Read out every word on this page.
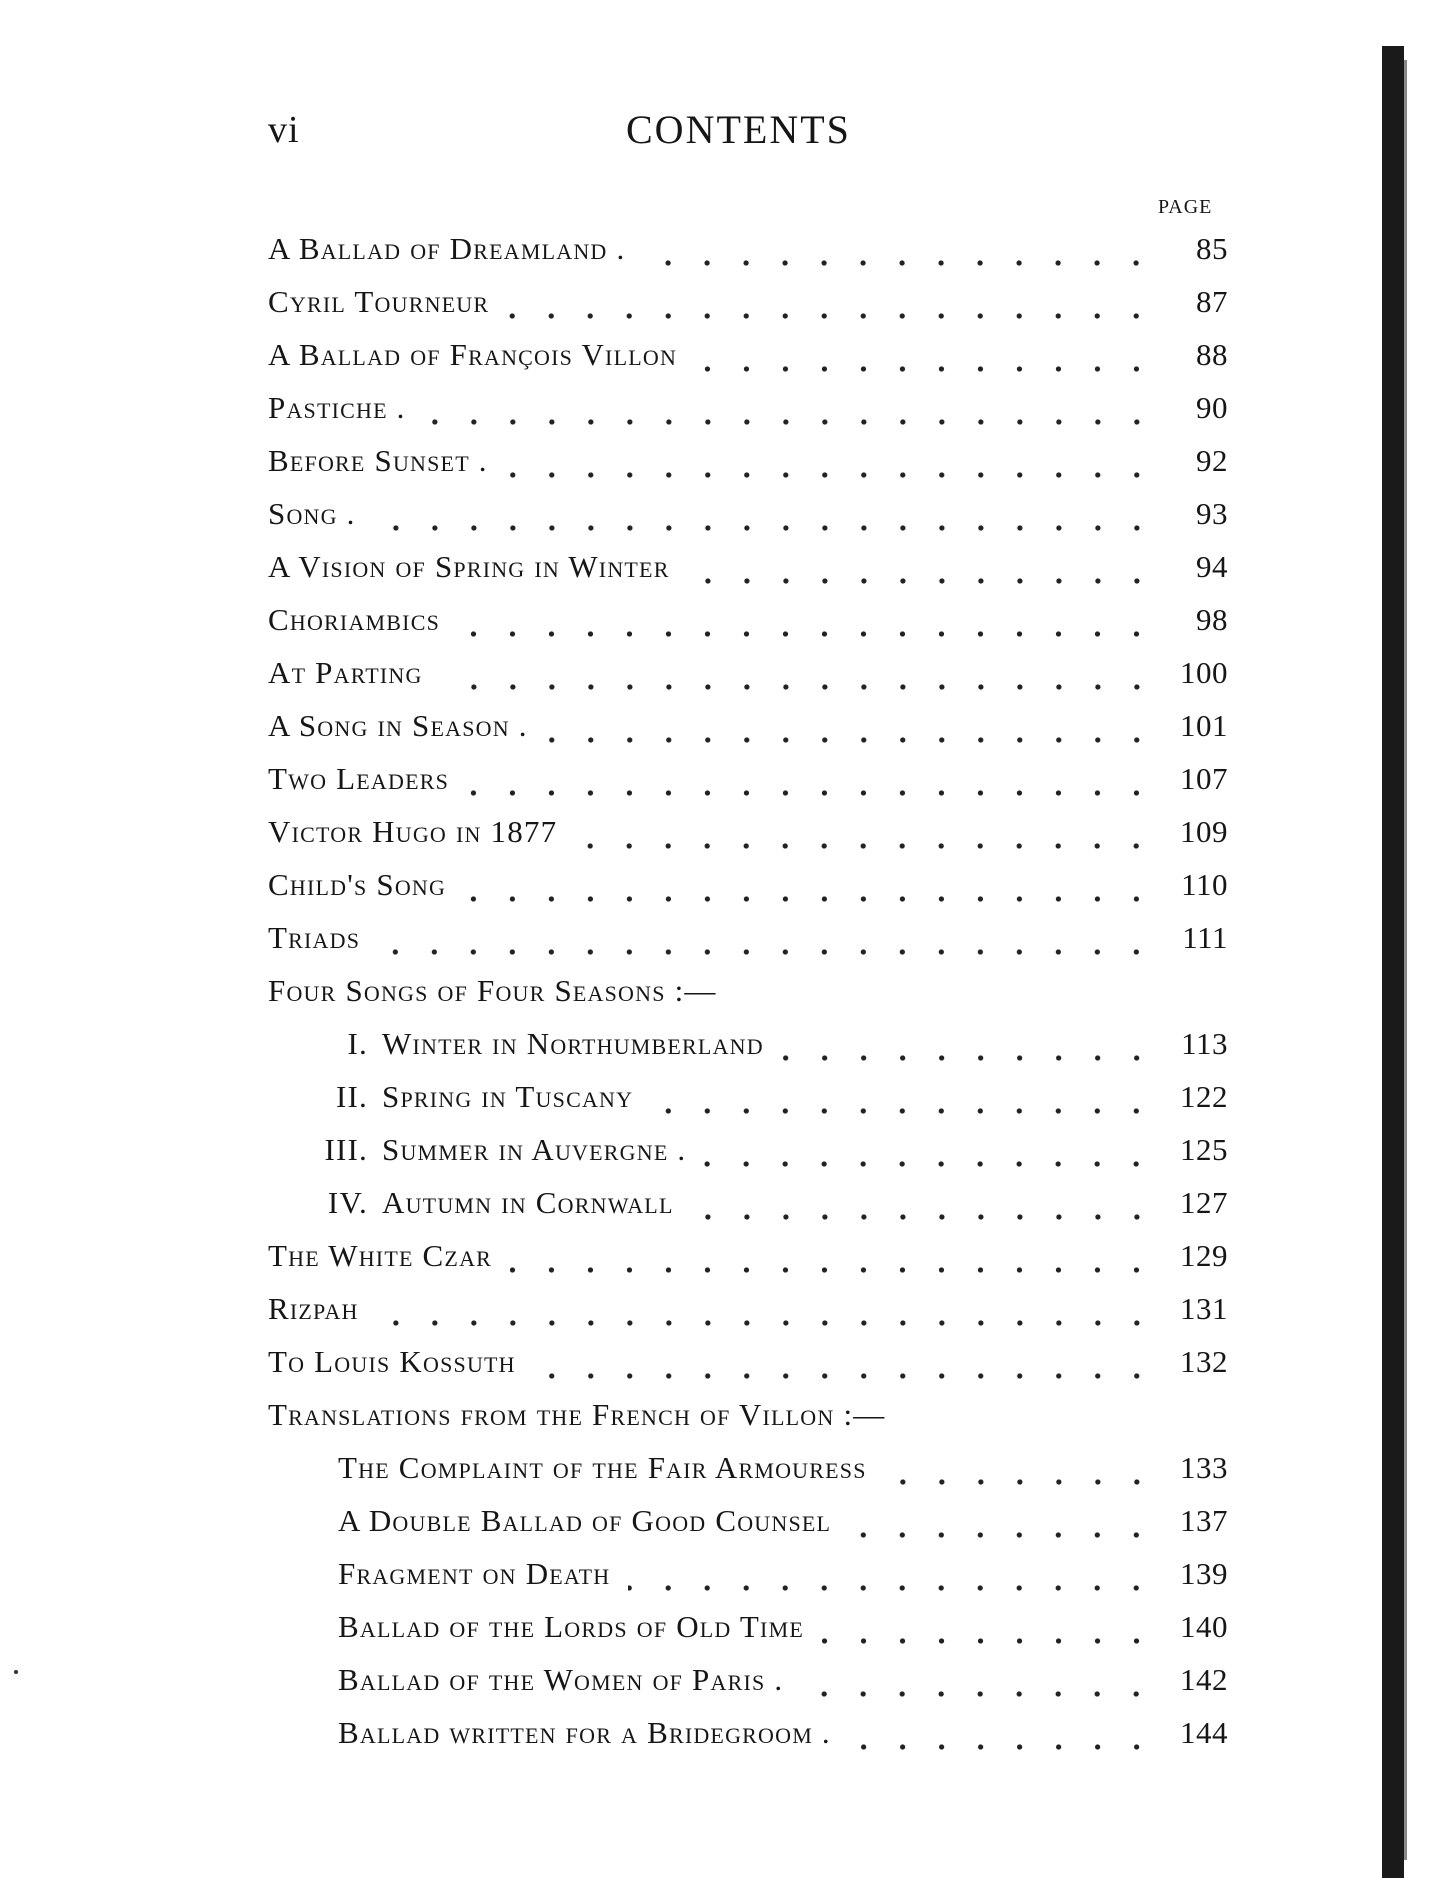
vi	CONTENTS
PAGE
A Ballad of Dreamland .	85
Cyril Tourneur	87
A Ballad of François Villon	88
Pastiche .	90
Before Sunset .	92
Song .	93
A Vision of Spring in Winter	94
Choriambics	98
At Parting	100
A Song in Season .	101
Two Leaders	107
Victor Hugo in 1877	109
Child's Song	110
Triads	111
Four Songs of Four Seasons :—
I. Winter in Northumberland	113
II. Spring in Tuscany	122
III. Summer in Auvergne .	125
IV. Autumn in Cornwall	127
The White Czar	129
Rizpah	131
To Louis Kossuth	132
Translations from the French of Villon :—
The Complaint of the Fair Armouress	133
A Double Ballad of Good Counsel	137
Fragment on Death	139
Ballad of the Lords of Old Time	140
Ballad of the Women of Paris .	142
Ballad written for a Bridegroom .	144
